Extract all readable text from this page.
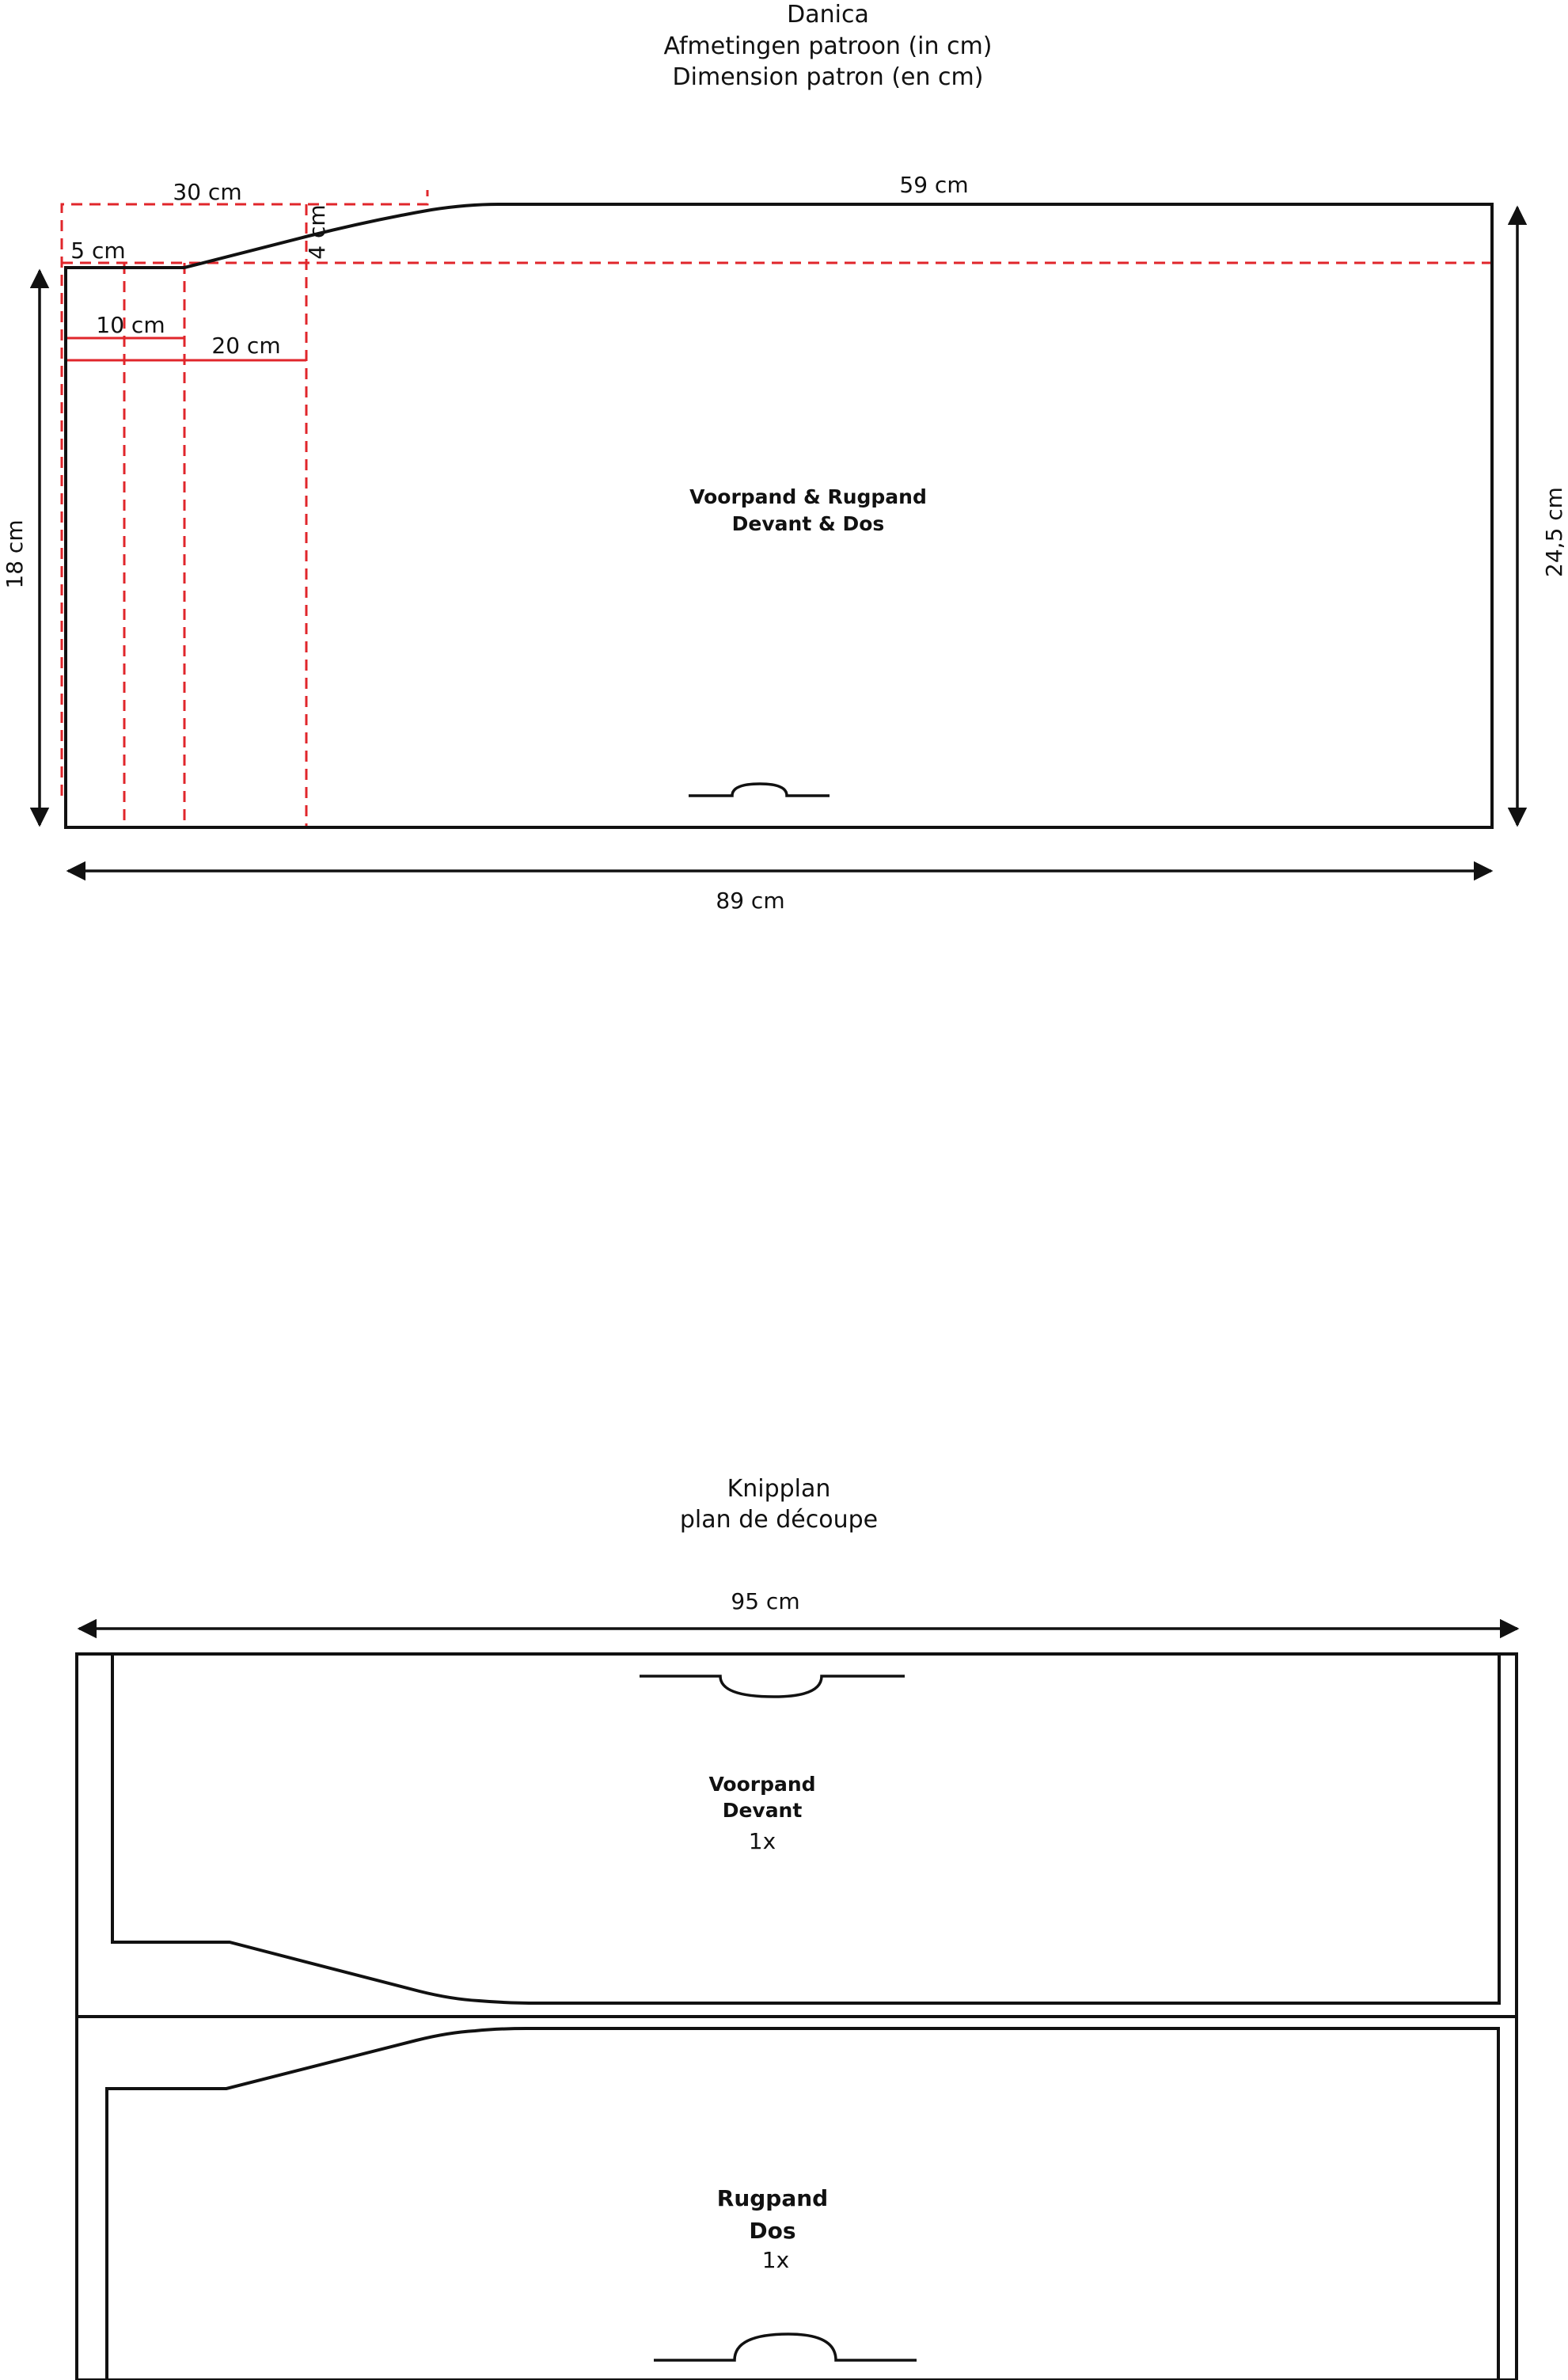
Danica
Afmetingen patroon (in cm)
Dimension patron (en cm)
30 cm	59 cm
5 cm	4 cm
10 cm
20 cm
18 cm	24,5 cm
89 cm
Voorpand & Rugpand
Devant & Dos
Knipplan
plan de découpe
95 cm
Voorpand
Devant
1x
Rugpand
Dos
1x
